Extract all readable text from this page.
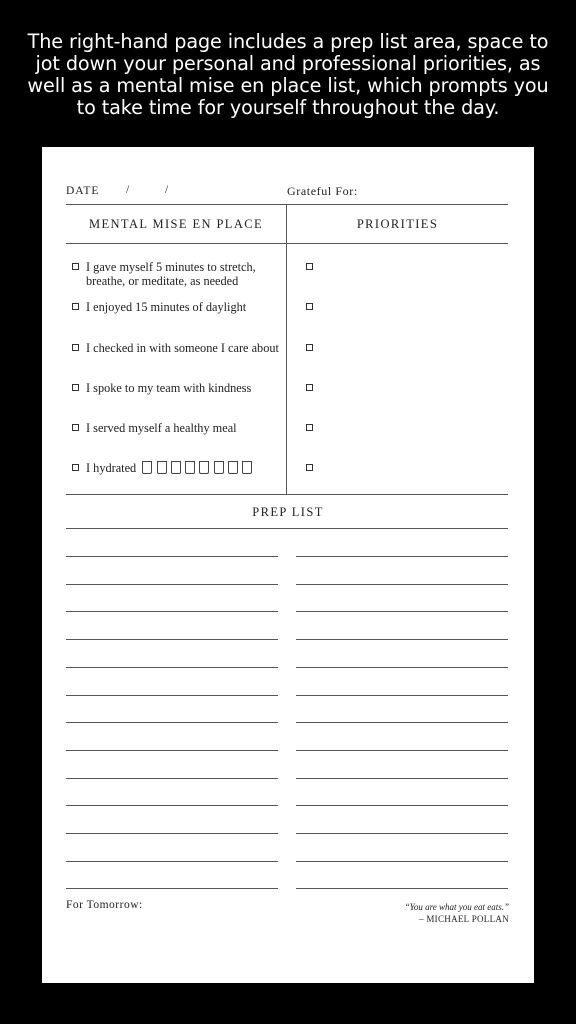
The right-hand page includes a prep list area, space to jot down your personal and professional priorities, as well as a mental mise en place list, which prompts you to take time for yourself throughout the day.
DATE /	/	Grateful For:
MENTAL MISE EN PLACE	PRIORITIES
I gave myself 5 minutes to stretch, breathe, or meditate, as needed
I enjoyed 15 minutes of daylight
I checked in with someone I care about
I spoke to my team with kindness
I served myself a healthy meal
I hydrated
PREP LIST
For Tomorrow:	“You are what you eat eats.”
– MICHAEL POLLAN
